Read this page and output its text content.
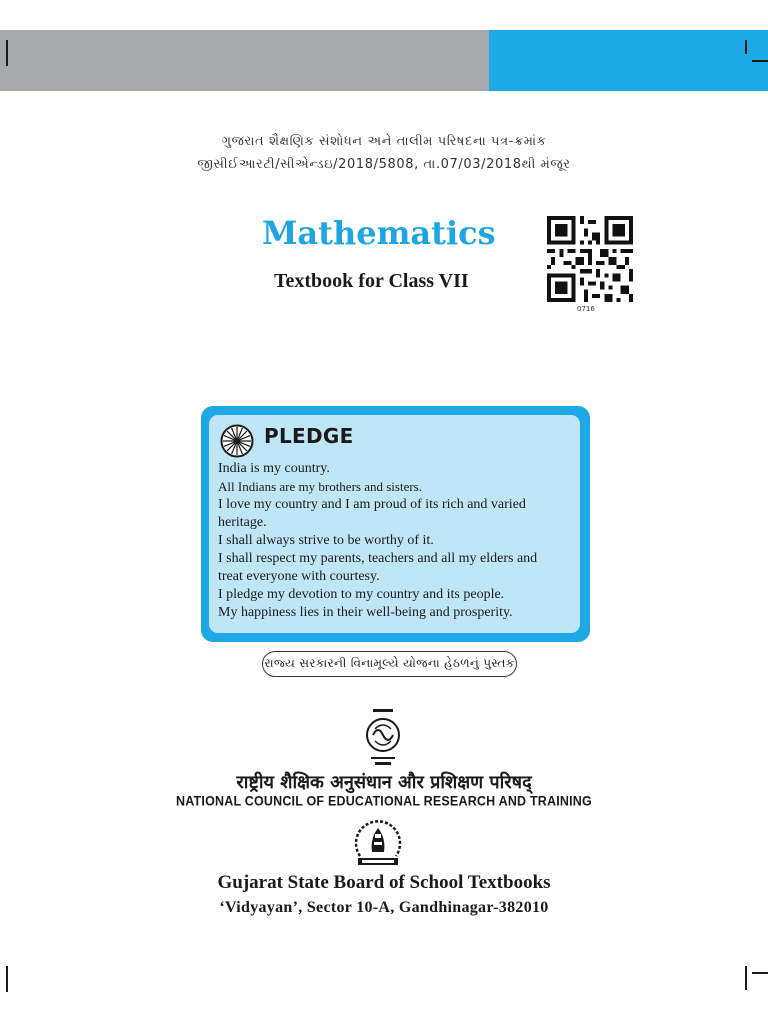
ગુજરાત શૈક્ષણિક સંશોધન અને તાલીમ પરિષદના પત્ર-ક્રમાંક
જીસીઈઆરટી/સીએન્ડઇ/2018/5808, તા.07/03/2018થી મંજૂર
Mathematics
Textbook for Class VII
0716
PLEDGE
India is my country.
All Indians are my brothers and sisters.
I love my country and I am proud of its rich and varied
heritage.
I shall always strive to be worthy of it.
I shall respect my parents, teachers and all my elders and
treat everyone with courtesy.
I pledge my devotion to my country and its people.
My happiness lies in their well-being and prosperity.
રાજ્ય સરકારની વિનામૂલ્યે યોજના હેઠળનું પુસ્તક
राष्ट्रीय शैक्षिक अनुसंधान और प्रशिक्षण परिषद्
NATIONAL COUNCIL OF EDUCATIONAL RESEARCH AND TRAINING
Gujarat State Board of School Textbooks
‘Vidyayan’, Sector 10-A, Gandhinagar-382010
